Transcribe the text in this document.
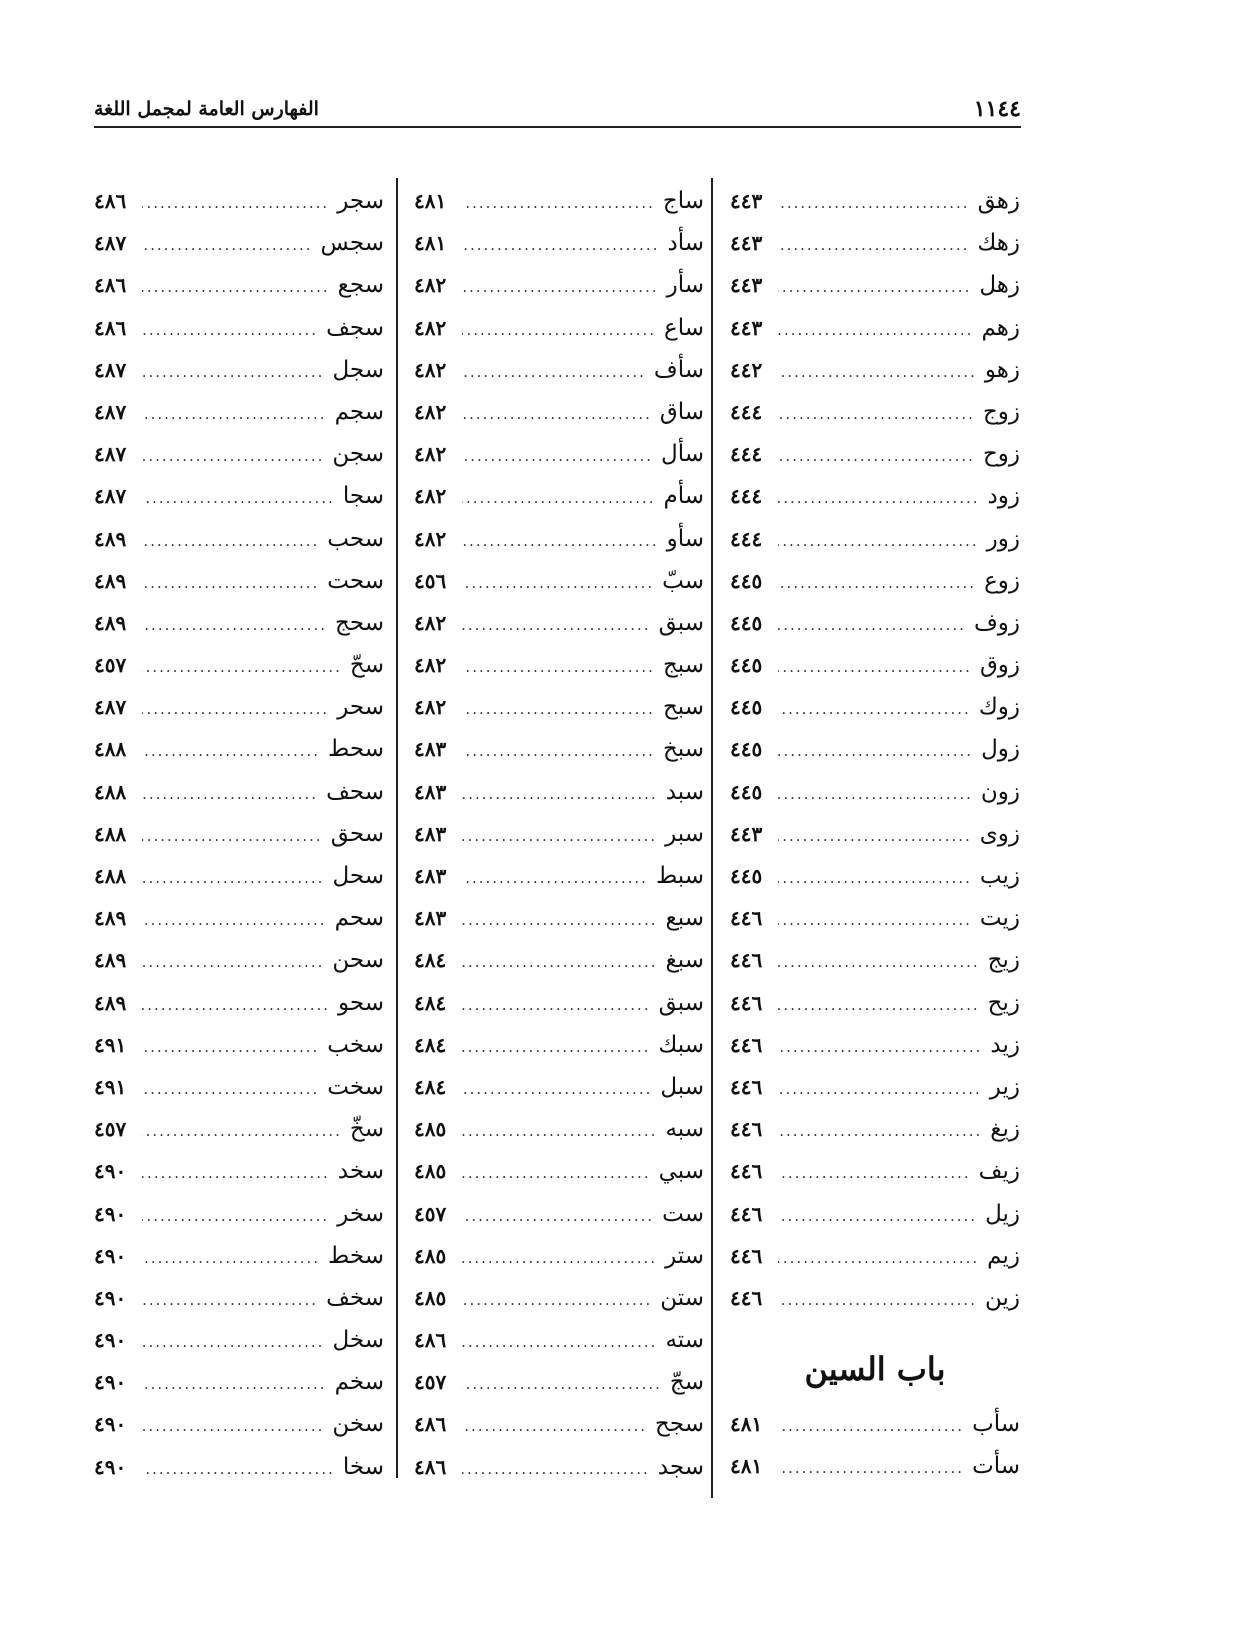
١١٤٤
الفهارس العامة لمجمل اللغة
زهق
.....
٤٤٣
زهك
.....
٤٤٣
زهل
.....
٤٤٣
زهم
.....
٤٤٣
زهو
.....
٤٤٢
زوج
.....
٤٤٤
زوح
.....
٤٤٤
زود
.....
٤٤٤
زور
.....
٤٤٤
زوع
.....
٤٤٥
زوف
.....
٤٤٥
زوق
.....
٤٤٥
زوك
.....
٤٤٥
زول
.....
٤٤٥
زون
.....
٤٤٥
زوى
.....
٤٤٣
زيب
.....
٤٤٥
زيت
.....
٤٤٦
زيج
.....
٤٤٦
زيح
.....
٤٤٦
زيد
.....
٤٤٦
زير
.....
٤٤٦
زيغ
.....
٤٤٦
زيف
.....
٤٤٦
زيل
.....
٤٤٦
زيم
.....
٤٤٦
زين
.....
٤٤٦
باب السين
سأب
.....
٤٨١
سأت
.....
٤٨١
ساج
.....
٤٨١
سأد
.....
٤٨١
سأر
.....
٤٨٢
ساع
.....
٤٨٢
سأف
.....
٤٨٢
ساق
.....
٤٨٢
سأل
.....
٤٨٢
سأم
.....
٤٨٢
سأو
.....
٤٨٢
سبّ
.....
٤٥٦
سبق
.....
٤٨٢
سبج
.....
٤٨٢
سبح
.....
٤٨٢
سبخ
.....
٤٨٣
سبد
.....
٤٨٣
سبر
.....
٤٨٣
سبط
.....
٤٨٣
سبع
.....
٤٨٣
سبغ
.....
٤٨٤
سبق
.....
٤٨٤
سبك
.....
٤٨٤
سبل
.....
٤٨٤
سبه
.....
٤٨٥
سبي
.....
٤٨٥
ست
.....
٤٥٧
ستر
.....
٤٨٥
ستن
.....
٤٨٥
سته
.....
٤٨٦
سجّ
.....
٤٥٧
سجح
.....
٤٨٦
سجد
.....
٤٨٦
سجر
.....
٤٨٦
سجس
.....
٤٨٧
سجع
.....
٤٨٦
سجف
.....
٤٨٦
سجل
.....
٤٨٧
سجم
.....
٤٨٧
سجن
.....
٤٨٧
سجا
.....
٤٨٧
سحب
.....
٤٨٩
سحت
.....
٤٨٩
سحج
.....
٤٨٩
سحّ
.....
٤٥٧
سحر
.....
٤٨٧
سحط
.....
٤٨٨
سحف
.....
٤٨٨
سحق
.....
٤٨٨
سحل
.....
٤٨٨
سحم
.....
٤٨٩
سحن
.....
٤٨٩
سحو
.....
٤٨٩
سخب
.....
٤٩١
سخت
.....
٤٩١
سخّ
.....
٤٥٧
سخد
.....
٤٩٠
سخر
.....
٤٩٠
سخط
.....
٤٩٠
سخف
.....
٤٩٠
سخل
.....
٤٩٠
سخم
.....
٤٩٠
سخن
.....
٤٩٠
سخا
.....
٤٩٠
